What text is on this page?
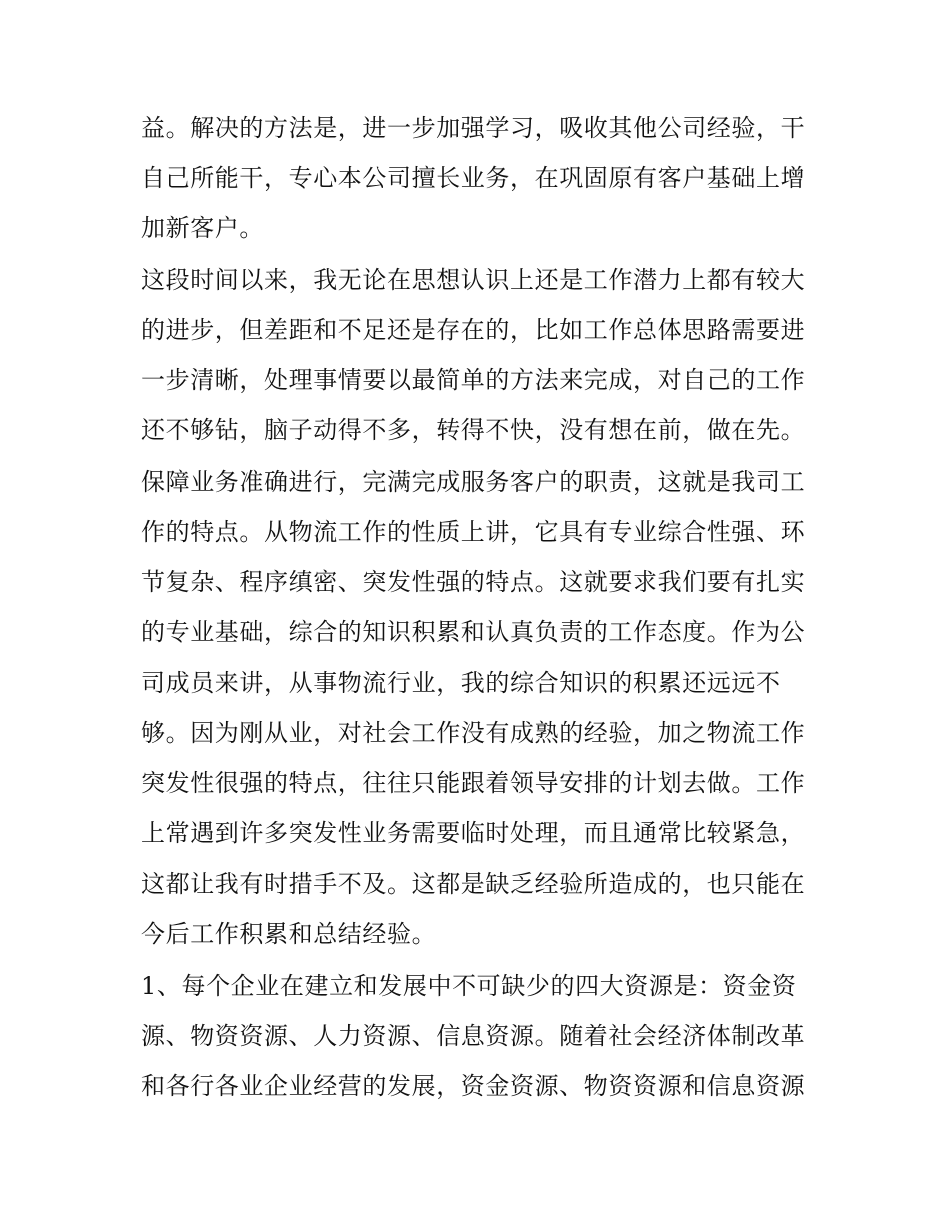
益。解决的方法是，进一步加强学习，吸收其他公司经验，干
自己所能干，专心本公司擅长业务，在巩固原有客户基础上增
加新客户。
这段时间以来，我无论在思想认识上还是工作潜力上都有较大
的进步，但差距和不足还是存在的，比如工作总体思路需要进
一步清晰，处理事情要以最简单的方法来完成，对自己的工作
还不够钻，脑子动得不多，转得不快，没有想在前，做在先。
保障业务准确进行，完满完成服务客户的职责，这就是我司工
作的特点。从物流工作的性质上讲，它具有专业综合性强、环
节复杂、程序缜密、突发性强的特点。这就要求我们要有扎实
的专业基础，综合的知识积累和认真负责的工作态度。作为公
司成员来讲，从事物流行业，我的综合知识的积累还远远不
够。因为刚从业，对社会工作没有成熟的经验，加之物流工作
突发性很强的特点，往往只能跟着领导安排的计划去做。工作
上常遇到许多突发性业务需要临时处理，而且通常比较紧急，
这都让我有时措手不及。这都是缺乏经验所造成的，也只能在
今后工作积累和总结经验。
1、每个企业在建立和发展中不可缺少的四大资源是：资金资
源、物资资源、人力资源、信息资源。随着社会经济体制改革
和各行各业企业经营的发展，资金资源、物资资源和信息资源
